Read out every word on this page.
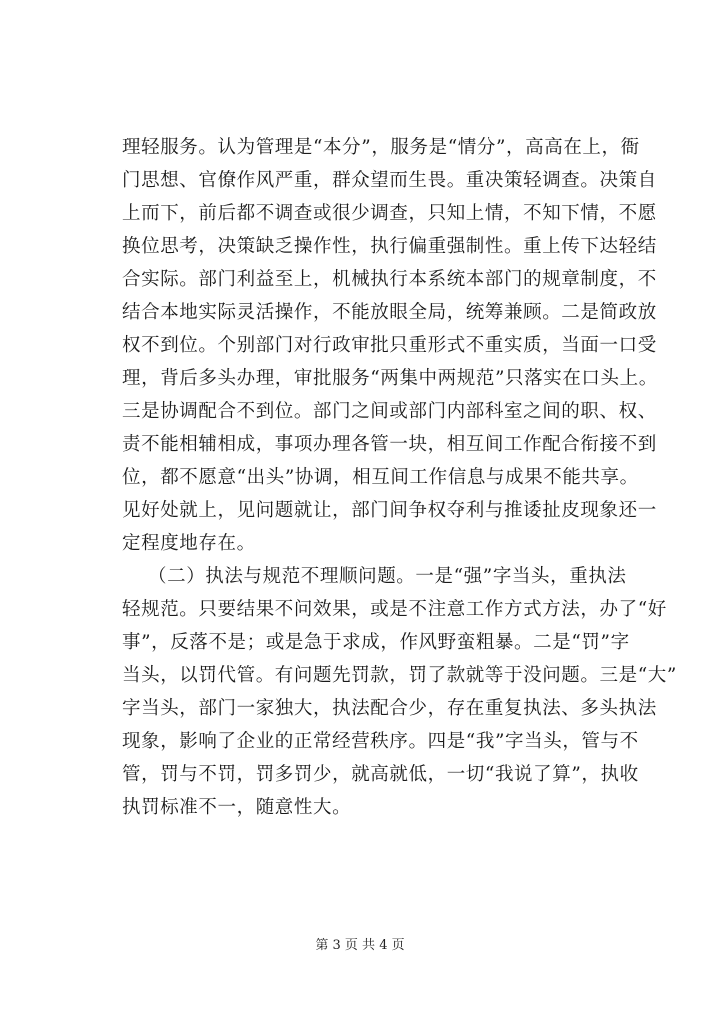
理轻服务。认为管理是“本分”，服务是“情分”，高高在上，衙
门思想、官僚作风严重，群众望而生畏。重决策轻调查。决策自
上而下，前后都不调查或很少调查，只知上情，不知下情，不愿
换位思考，决策缺乏操作性，执行偏重强制性。重上传下达轻结
合实际。部门利益至上，机械执行本系统本部门的规章制度，不
结合本地实际灵活操作，不能放眼全局，统筹兼顾。二是简政放
权不到位。个别部门对行政审批只重形式不重实质，当面一口受
理，背后多头办理，审批服务“两集中两规范”只落实在口头上。
三是协调配合不到位。部门之间或部门内部科室之间的职、权、
责不能相辅相成，事项办理各管一块，相互间工作配合衔接不到
位，都不愿意“出头”协调，相互间工作信息与成果不能共享。
见好处就上，见问题就让，部门间争权夺利与推诿扯皮现象还一
定程度地存在。
（二）执法与规范不理顺问题。一是“强”字当头，重执法
轻规范。只要结果不问效果，或是不注意工作方式方法，办了“好
事”，反落不是；或是急于求成，作风野蛮粗暴。二是“罚”字
当头，以罚代管。有问题先罚款，罚了款就等于没问题。三是“大”
字当头，部门一家独大，执法配合少，存在重复执法、多头执法
现象，影响了企业的正常经营秩序。四是“我”字当头，管与不
管，罚与不罚，罚多罚少，就高就低，一切“我说了算”，执收
执罚标准不一，随意性大。
第 3 页 共 4 页
